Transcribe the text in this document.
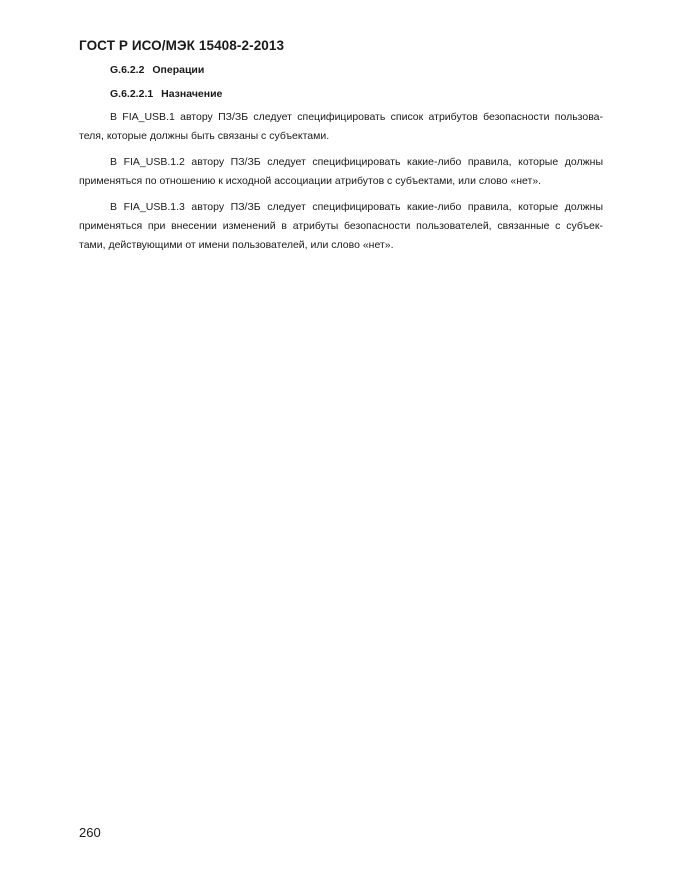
ГОСТ Р ИСО/МЭК 15408-2-2013
G.6.2.2 Операции
G.6.2.2.1 Назначение
В FIA_USB.1 автору ПЗ/ЗБ следует специфицировать список атрибутов безопасности пользова-
теля, которые должны быть связаны с субъектами.
В FIA_USB.1.2 автору ПЗ/ЗБ следует специфицировать какие-либо правила, которые должны
применяться по отношению к исходной ассоциации атрибутов с субъектами, или слово «нет».
В FIA_USB.1.3 автору ПЗ/ЗБ следует специфицировать какие-либо правила, которые должны
применяться при внесении изменений в атрибуты безопасности пользователей, связанные с субъек-
тами, действующими от имени пользователей, или слово «нет».
260
